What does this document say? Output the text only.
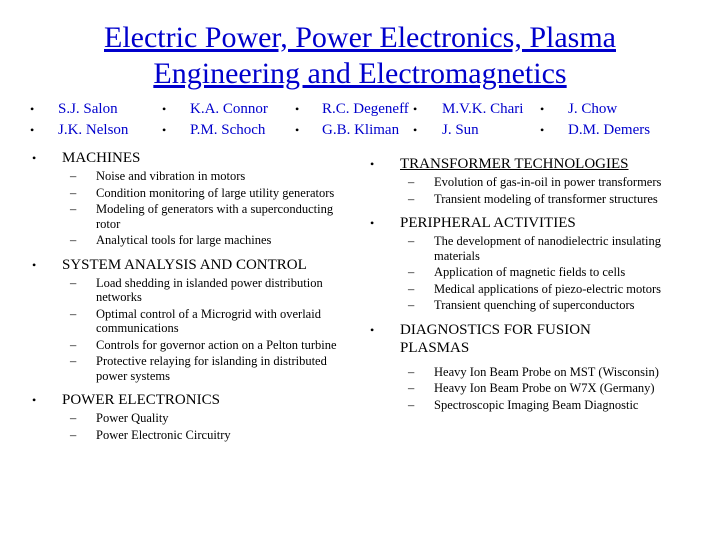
Electric Power, Power Electronics, Plasma
Engineering and Electromagnetics
• S.J. Salon
• J.K. Nelson
• K.A. Connor
• P.M. Schoch
• R.C. Degeneff •
• G.B. Kliman •
M.V.K. Chari •
J. Sun	•
J. Chow
D.M. Demers
• MACHINES
– Noise and vibration in motors
– Condition monitoring of large utility generators
– Modeling of generators with a superconducting rotor
– Analytical tools for large machines
• SYSTEM ANALYSIS AND CONTROL
– Load shedding in islanded power distribution networks
– Optimal control of a Microgrid with overlaid communications
– Controls for governor action on a Pelton turbine
– Protective relaying for islanding in distributed power systems
• POWER ELECTRONICS
– Power Quality
– Power Electronic Circuitry
• TRANSFORMER TECHNOLOGIES
– Evolution of gas-in-oil in power transformers
– Transient modeling of transformer structures
• PERIPHERAL ACTIVITIES
– The development of nanodielectric insulating materials
– Application of magnetic fields to cells
– Medical applications of piezo-electric motors
– Transient quenching of superconductors
• DIAGNOSTICS FOR FUSION PLASMAS
– Heavy Ion Beam Probe on MST (Wisconsin)
– Heavy Ion Beam Probe on W7X (Germany)
– Spectroscopic Imaging Beam Diagnostic
